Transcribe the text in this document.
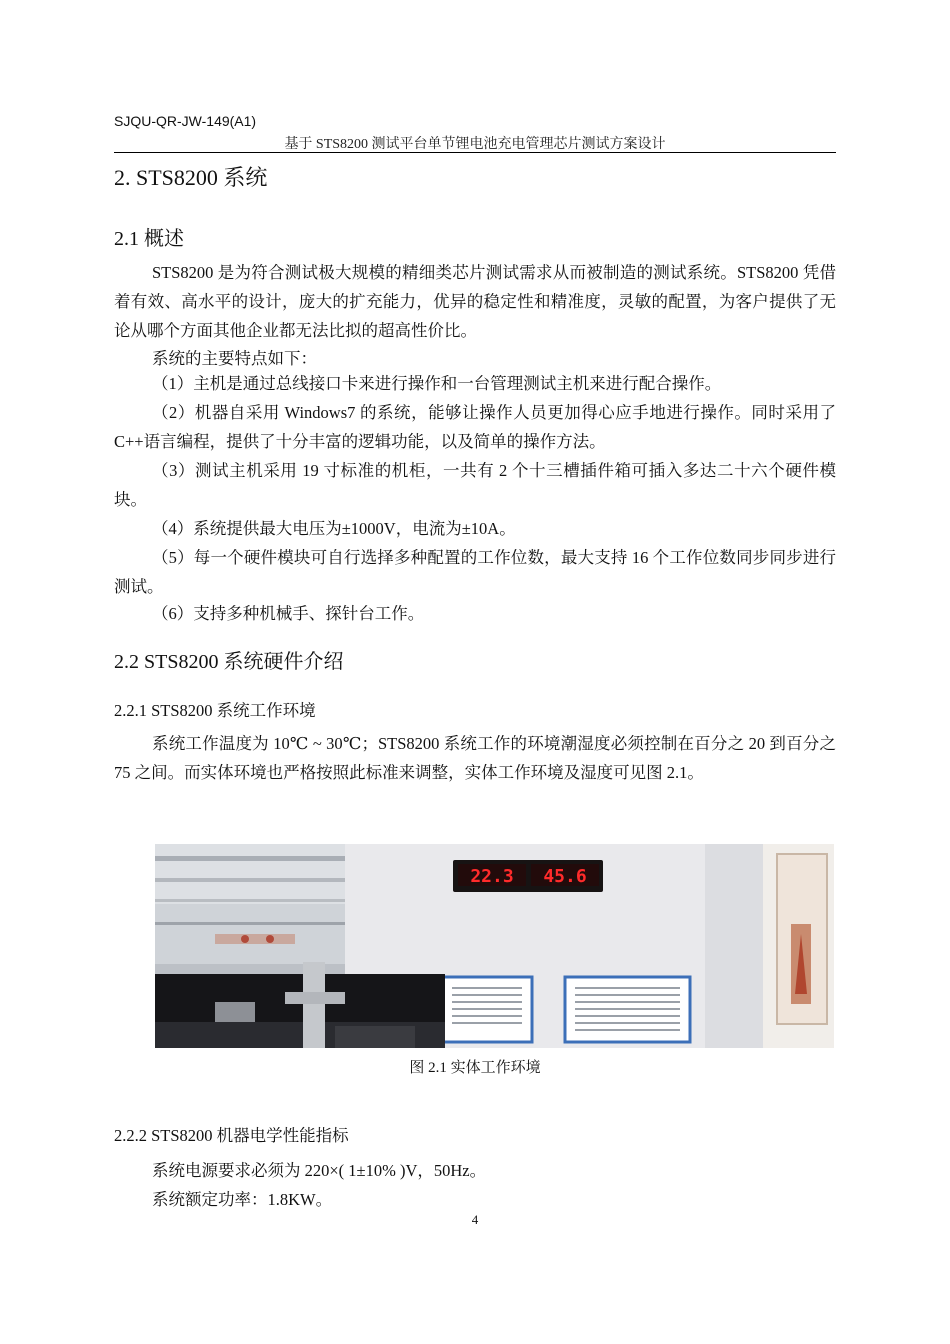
SJQU-QR-JW-149(A1)
基于 STS8200 测试平台单节锂电池充电管理芯片测试方案设计
2. STS8200 系统
2.1 概述
STS8200 是为符合测试极大规模的精细类芯片测试需求从而被制造的测试系统。STS8200 凭借着有效、高水平的设计，庞大的扩充能力，优异的稳定性和精准度，灵敏的配置，为客户提供了无论从哪个方面其他企业都无法比拟的超高性价比。
系统的主要特点如下：
（1）主机是通过总线接口卡来进行操作和一台管理测试主机来进行配合操作。
（2）机器自采用 Windows7 的系统，能够让操作人员更加得心应手地进行操作。同时采用了 C++语言编程，提供了十分丰富的逻辑功能，以及简单的操作方法。
（3）测试主机采用 19 寸标准的机柜，一共有 2 个十三槽插件箱可插入多达二十六个硬件模块。
（4）系统提供最大电压为±1000V，电流为±10A。
（5）每一个硬件模块可自行选择多种配置的工作位数，最大支持 16 个工作位数同步同步进行测试。
（6）支持多种机械手、探针台工作。
2.2 STS8200 系统硬件介绍
2.2.1 STS8200 系统工作环境
系统工作温度为 10℃ ~ 30℃；STS8200 系统工作的环境潮湿度必须控制在百分之 20 到百分之 75 之间。而实体环境也严格按照此标准来调整，实体工作环境及湿度可见图 2.1。
22.3 45.6
图 2.1 实体工作环境
2.2.2 STS8200 机器电学性能指标
系统电源要求必须为 220×( 1±10% )V，50Hz。
系统额定功率：1.8KW。
4
